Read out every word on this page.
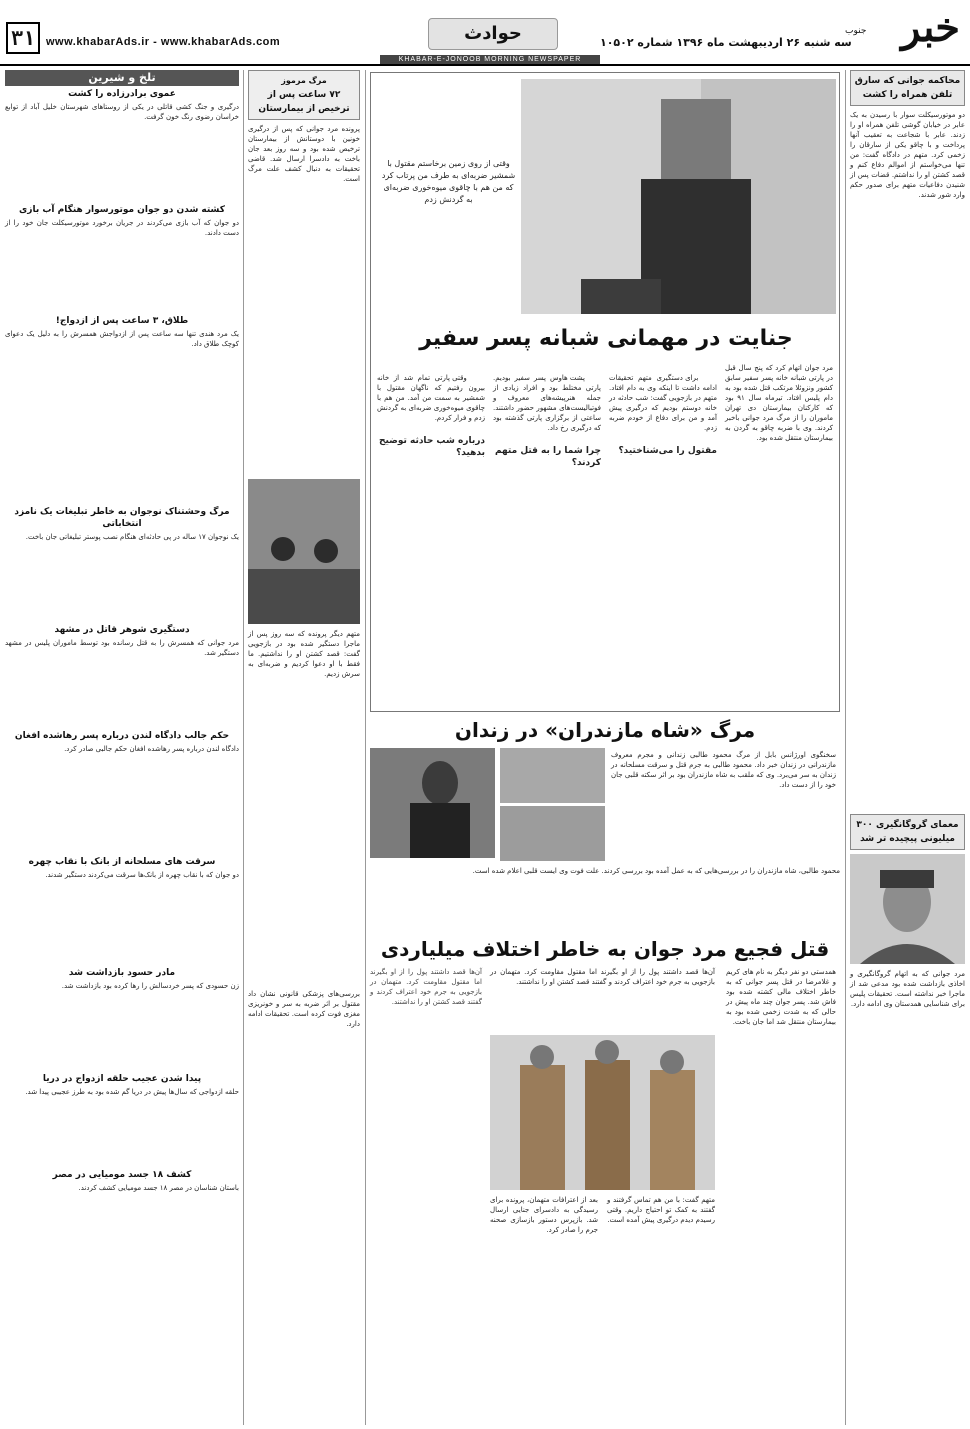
۳۱ www.khabarAds.ir - www.khabarAds.com	حوادث	سه شنبه ۲۶ اردیبهشت ماه ۱۳۹۶ شماره ۱۰۵۰۲ خبر
جنوب
KHABAR-E-JONOOB MORNING NEWSPAPER
محاکمه جوانی که سارق
تلفن همراه را کشت
دو موتورسیکلت سوار با رسیدن به یک عابر در خیابان گوشی تلفن همراه او را زدند. عابر با شجاعت به تعقیب آنها پرداخت و با چاقو یکی از سارقان را زخمی کرد. متهم در دادگاه گفت: من تنها می‌خواستم از اموالم دفاع کنم و قصد کشتن او را نداشتم. قضات پس از شنیدن دفاعیات متهم برای صدور حکم وارد شور شدند.
معمای گروگانگیری ۳۰۰
میلیونی پیچیده تر شد
مرد جوانی که به اتهام گروگانگیری و اخاذی بازداشت شده بود مدعی شد از ماجرا خبر نداشته است. تحقیقات پلیس برای شناسایی همدستان وی ادامه دارد.
وقتی از روی زمین برخاستم مقتول با شمشیر ضربه‌ای به طرف من پرتاب کرد که من هم با چاقوی میوه‌خوری ضربه‌ای به گردنش زدم
جنایت در مهمانی شبانه پسر سفیر
مرد جوان اتهام کرد که پنج سال قبل در پارتی شبانه خانه پسر سفیر سابق کشور ونزوئلا مرتکب قتل شده بود به دام پلیس افتاد. تیرماه سال ۹۱ بود که کارکنان بیمارستان دی تهران ماموران را از مرگ مرد جوانی باخبر کردند. وی با ضربه چاقو به گردن به بیمارستان منتقل شده بود.

برای دستگیری متهم تحقیقات ادامه داشت تا اینکه وی به دام افتاد. متهم در بازجویی گفت: شب حادثه در خانه دوستم بودیم که درگیری پیش آمد و من برای دفاع از خودم ضربه زدم.

مقتول را می‌شناختید؟

پشت هاوس پسر سفیر بودیم. پارتی مختلط بود و افراد زیادی از جمله هنرپیشه‌های معروف و فوتبالیست‌های مشهور حضور داشتند. ساعتی از برگزاری پارتی گذشته بود که درگیری رخ داد.

چرا شما را به قتل متهم کردند؟

وقتی پارتی تمام شد از خانه بیرون رفتیم که ناگهان مقتول با شمشیر به سمت من آمد. من هم با چاقوی میوه‌خوری ضربه‌ای به گردنش زدم و فرار کردم.

درباره شب حادثه توضیح بدهید؟

مرگ «شاه مازندران» در زندان
سخنگوی اورژانس بابل از مرگ محمود طالبی زندانی و مجرم معروف مازندرانی در زندان خبر داد. محمود طالبی به جرم قتل و سرقت مسلحانه در زندان به سر می‌برد. وی که ملقب به شاه مازندران بود بر اثر سکته قلبی جان خود را از دست داد.
محمود طالبی، شاه مازندران را در بررسی‌هایی که به عمل آمده بود بررسی کردند. علت فوت وی ایست قلبی اعلام شده است.
قتل فجیع مرد جوان به خاطر اختلاف میلیاردی
همدستی دو نفر دیگر به نام های کریم و غلامرضا در قتل پسر جوانی که به خاطر اختلاف مالی کشته شده بود فاش شد. پسر جوان چند ماه پیش در حالی که به شدت زخمی شده بود به بیمارستان منتقل شد اما جان باخت.
آن‌ها قصد داشتند پول را از او بگیرند اما مقتول مقاومت کرد. متهمان در بازجویی به جرم خود اعتراف کردند و گفتند قصد کشتن او را نداشتند.
بعد از اعترافات متهمان، پرونده برای رسیدگی به دادسرای جنایی ارسال شد. بازپرس دستور بازسازی صحنه جرم را صادر کرد.
متهم گفت: با من هم تماس گرفتند و گفتند به کمک تو احتیاج داریم. وقتی رسیدم دیدم درگیری پیش آمده است.
آن‌ها قصد داشتند پول را از او بگیرند اما مقتول مقاومت کرد. متهمان در بازجویی به جرم خود اعتراف کردند و گفتند قصد کشتن او را نداشتند.
مرگ مرموز
۷۲ ساعت پس از
ترخیص از بیمارستان
پرونده مرد جوانی که پس از درگیری خونین با دوستانش از بیمارستان ترخیص شده بود و سه روز بعد جان باخت به دادسرا ارسال شد. قاضی تحقیقات به دنبال کشف علت مرگ است.
متهم دیگر پرونده که سه روز پس از ماجرا دستگیر شده بود در بازجویی گفت: قصد کشتن او را نداشتیم. ما فقط با او دعوا کردیم و ضربه‌ای به سرش زدیم.
بررسی‌های پزشکی قانونی نشان داد مقتول بر اثر ضربه به سر و خونریزی مغزی فوت کرده است. تحقیقات ادامه دارد.
تلخ و شیرین
عموی برادرزاده را کشت
درگیری و جنگ کشی قاتلی در یکی از روستاهای شهرستان خلیل آباد از توابع خراسان رضوی رنگ خون گرفت.
کشته شدن دو جوان موتورسوار هنگام آب بازی
دو جوان که آب بازی می‌کردند در جریان برخورد موتورسیکلت جان خود را از دست دادند.
طلاق، ۳ ساعت پس از ازدواج!
یک مرد هندی تنها سه ساعت پس از ازدواجش همسرش را به دلیل یک دعوای کوچک طلاق داد.
مرگ وحشتناک نوجوان به خاطر تبلیغات یک نامزد انتخاباتی
یک نوجوان ۱۷ ساله در پی حادثه‌ای هنگام نصب پوستر تبلیغاتی جان باخت.
دستگیری شوهر قاتل در مشهد
مرد جوانی که همسرش را به قتل رسانده بود توسط ماموران پلیس در مشهد دستگیر شد.
حکم جالب دادگاه لندن درباره پسر رهاشده افغان
دادگاه لندن درباره پسر رهاشده افغان حکم جالبی صادر کرد.
سرقت های مسلحانه از بانک با نقاب چهره
دو جوان که با نقاب چهره از بانک‌ها سرقت می‌کردند دستگیر شدند.
مادر حسود بازداشت شد
زن حسودی که پسر خردسالش را رها کرده بود بازداشت شد.
پیدا شدن عجیب حلقه ازدواج در دریا
حلقه ازدواجی که سال‌ها پیش در دریا گم شده بود به طرز عجیبی پیدا شد.
کشف ۱۸ جسد مومیایی در مصر
باستان شناسان در مصر ۱۸ جسد مومیایی کشف کردند.
